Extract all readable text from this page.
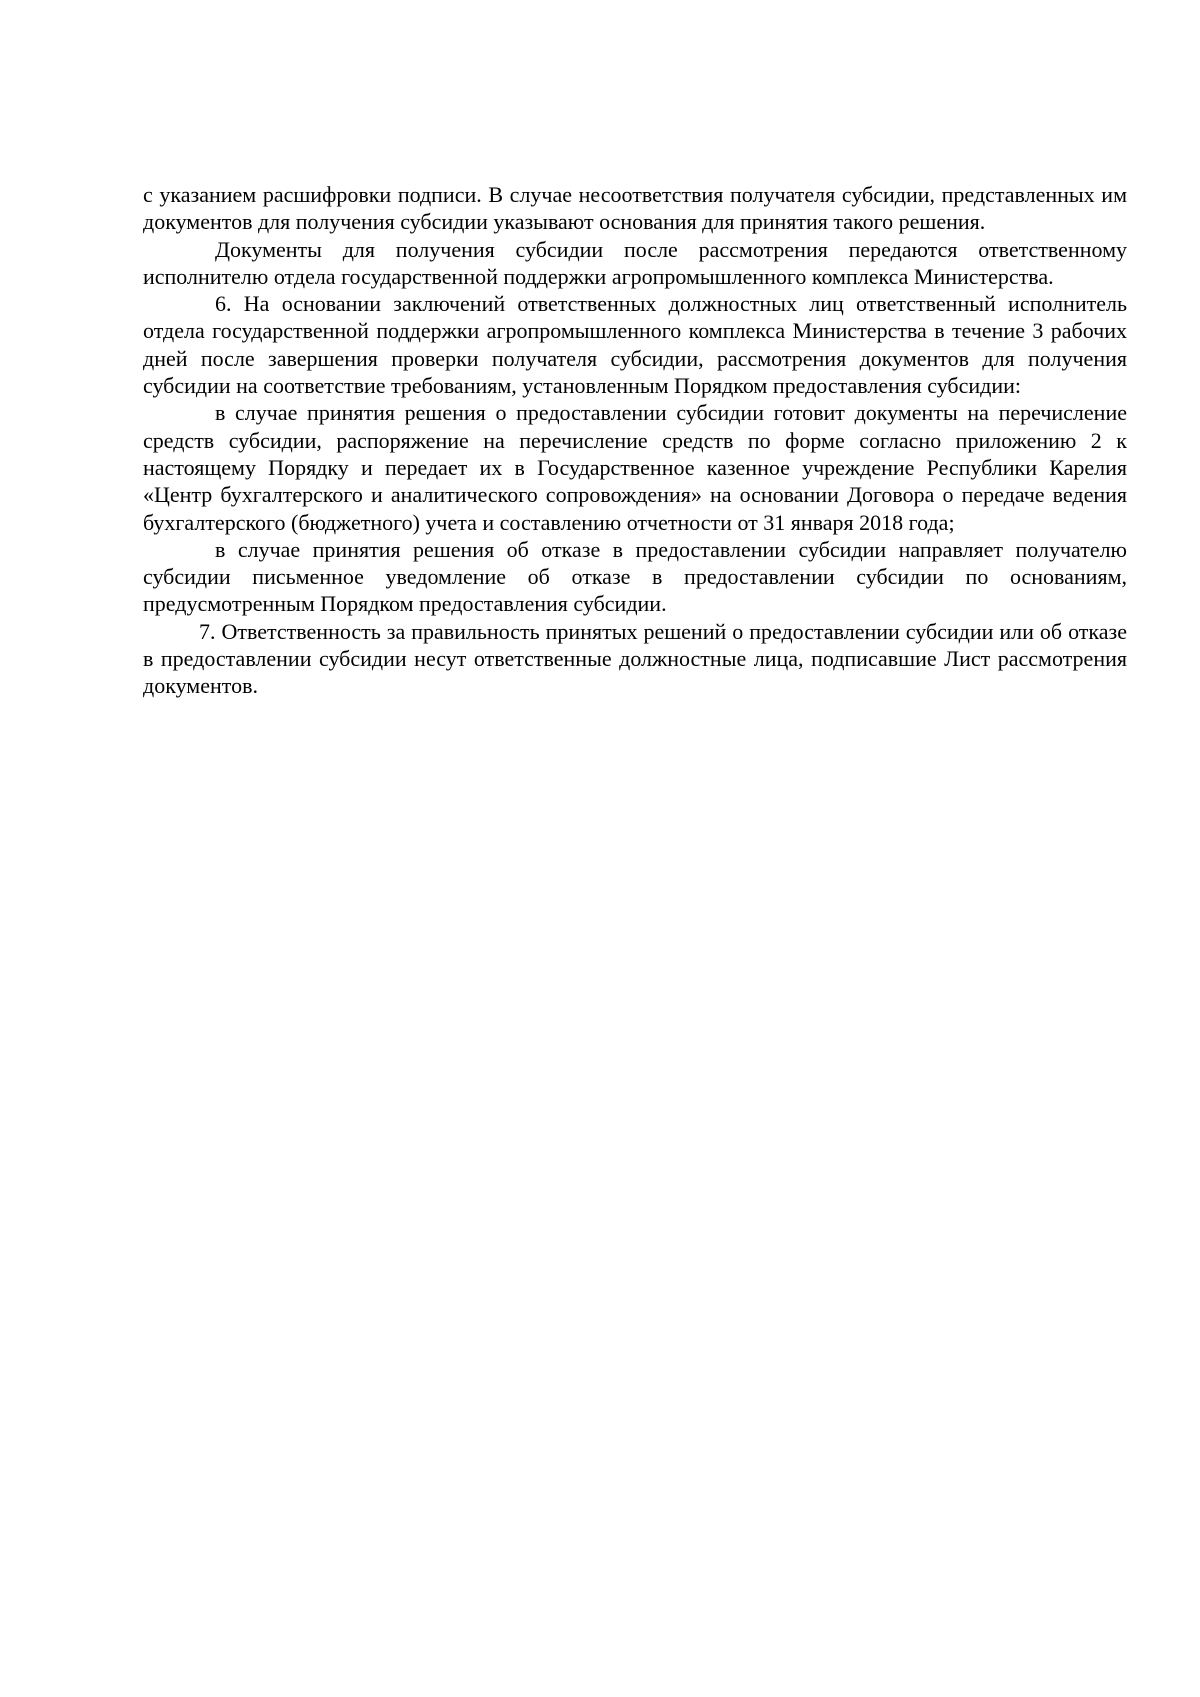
с указанием расшифровки подписи. В случае несоответствия получателя субсидии, представленных им документов для получения субсидии указывают основания для принятия такого решения.

Документы для получения субсидии после рассмотрения передаются ответственному исполнителю отдела государственной поддержки агропромышленного комплекса Министерства.

6. На основании заключений ответственных должностных лиц ответственный исполнитель отдела государственной поддержки агропромышленного комплекса Министерства в течение 3 рабочих дней после завершения проверки получателя субсидии, рассмотрения документов для получения субсидии на соответствие требованиям, установленным Порядком предоставления субсидии:

в случае принятия решения о предоставлении субсидии готовит документы на перечисление средств субсидии, распоряжение на перечисление средств по форме согласно приложению 2 к настоящему Порядку и передает их в Государственное казенное учреждение Республики Карелия «Центр бухгалтерского и аналитического сопровождения» на основании Договора о передаче ведения бухгалтерского (бюджетного) учета и составлению отчетности от 31 января 2018 года;

в случае принятия решения об отказе в предоставлении субсидии направляет получателю субсидии письменное уведомление об отказе в предоставлении субсидии по основаниям, предусмотренным Порядком предоставления субсидии.

7. Ответственность за правильность принятых решений о предоставлении субсидии или об отказе в предоставлении субсидии несут ответственные должностные лица, подписавшие Лист рассмотрения документов.
